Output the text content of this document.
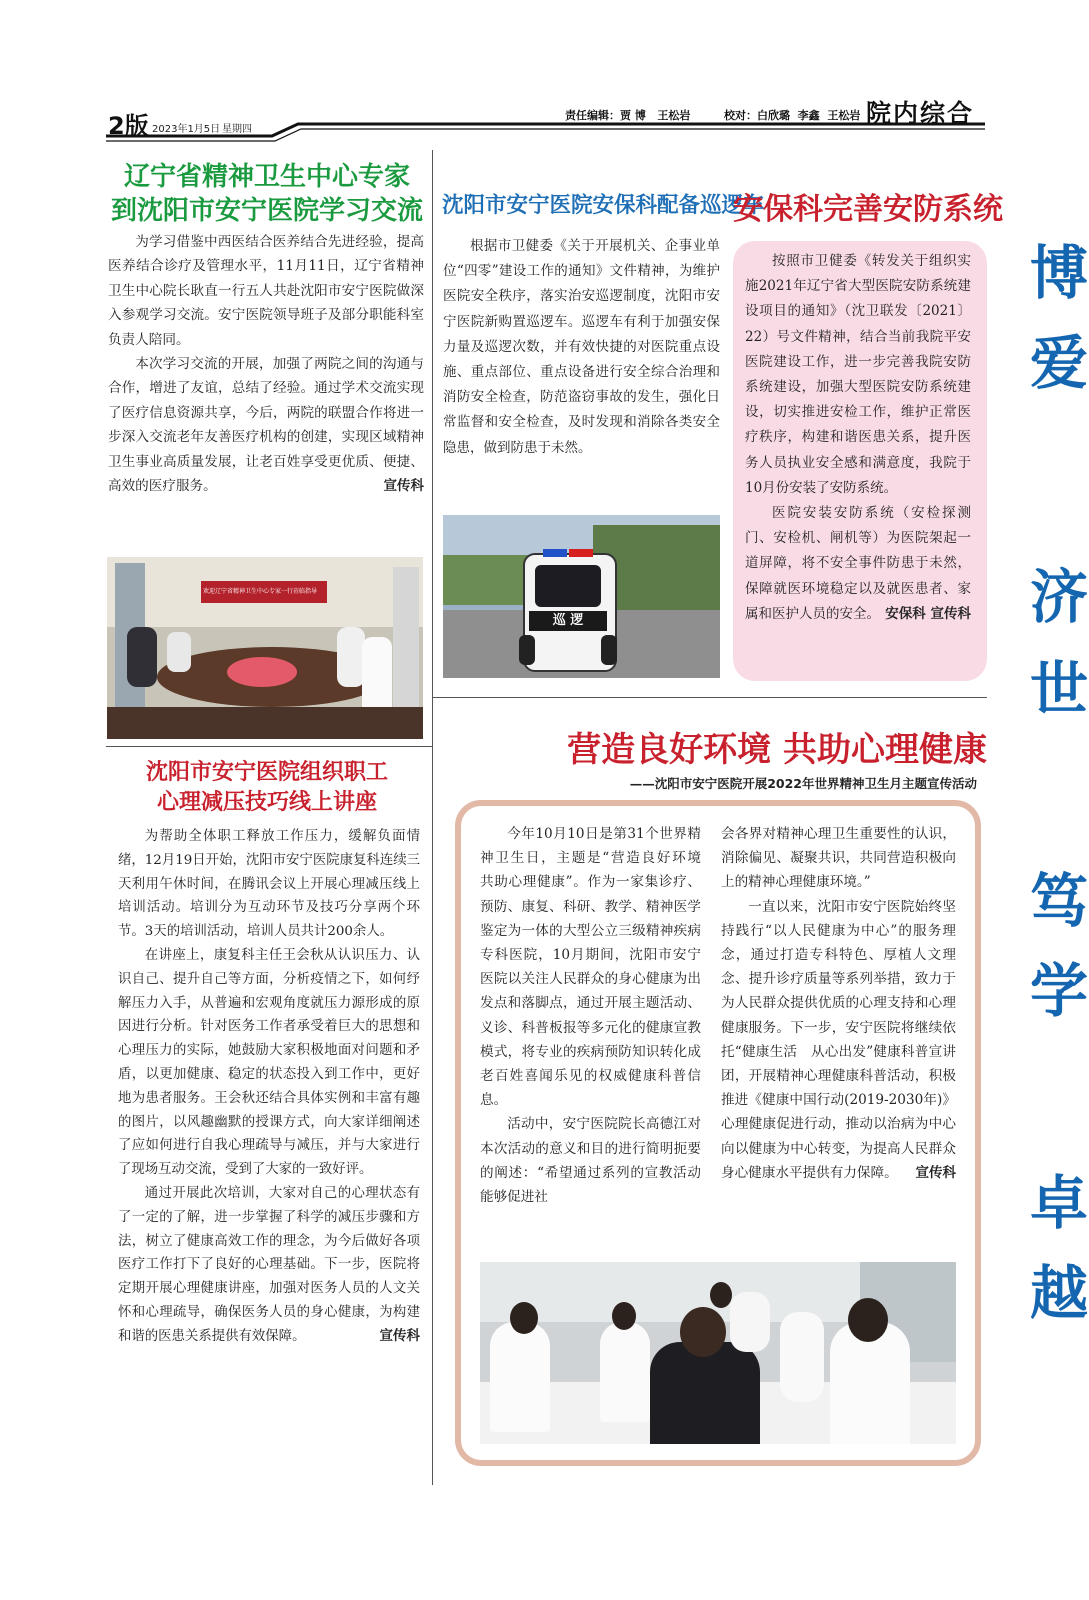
2版 2023年1月5日 星期四
责任编辑：贾 博   王松岩	校对：白欣璐  李鑫  王松岩 院内综合
辽宁省精神卫生中心专家
到沈阳市安宁医院学习交流

为学习借鉴中西医结合医养结合先进经验，提高医养结合诊疗及管理水平，11月11日，辽宁省精神卫生中心院长耿直一行五人共赴沈阳市安宁医院做深入参观学习交流。安宁医院领导班子及部分职能科室负责人陪同。

本次学习交流的开展，加强了两院之间的沟通与合作，增进了友谊，总结了经验。通过学术交流实现了医疗信息资源共享，今后，两院的联盟合作将进一步深入交流老年友善医疗机构的创建，实现区域精神卫生事业高质量发展，让老百姓享受更优质、便捷、高效的医疗服务。	宣传科
欢迎辽宁省精神卫生中心专家一行莅临指导
沈阳市安宁医院组织职工
心理减压技巧线上讲座

为帮助全体职工释放工作压力，缓解负面情绪，12月19日开始，沈阳市安宁医院康复科连续三天利用午休时间，在腾讯会议上开展心理减压线上培训活动。培训分为互动环节及技巧分享两个环节。3天的培训活动，培训人员共计200余人。

在讲座上，康复科主任王会秋从认识压力、认识自己、提升自己等方面，分析疫情之下，如何纾解压力入手，从普遍和宏观角度就压力源形成的原因进行分析。针对医务工作者承受着巨大的思想和心理压力的实际，她鼓励大家积极地面对问题和矛盾，以更加健康、稳定的状态投入到工作中，更好地为患者服务。王会秋还结合具体实例和丰富有趣的图片，以风趣幽默的授课方式，向大家详细阐述了应如何进行自我心理疏导与减压，并与大家进行了现场互动交流，受到了大家的一致好评。

通过开展此次培训，大家对自己的心理状态有了一定的了解，进一步掌握了科学的减压步骤和方法，树立了健康高效工作的理念，为今后做好各项医疗工作打下了良好的心理基础。下一步，医院将定期开展心理健康讲座，加强对医务人员的人文关怀和心理疏导，确保医务人员的身心健康，为构建和谐的医患关系提供有效保障。	宣传科
沈阳市安宁医院安保科配备巡逻车

根据市卫健委《关于开展机关、企事业单位“四零”建设工作的通知》文件精神，为维护医院安全秩序，落实治安巡逻制度，沈阳市安宁医院新购置巡逻车。巡逻车有利于加强安保力量及巡逻次数，并有效快捷的对医院重点设施、重点部位、重点设备进行安全综合治理和消防安全检查，防范盗窃事故的发生，强化日常监督和安全检查，及时发现和消除各类安全隐患，做到防患于未然。

巡 逻
安保科完善安防系统

按照市卫健委《转发关于组织实施2021年辽宁省大型医院安防系统建设项目的通知》（沈卫联发〔2021〕22）号文件精神，结合当前我院平安医院建设工作，进一步完善我院安防系统建设，加强大型医院安防系统建设，切实推进安检工作，维护正常医疗秩序，构建和谐医患关系，提升医务人员执业安全感和满意度，我院于10月份安装了安防系统。

医院安装安防系统（安检探测门、安检机、闸机等）为医院架起一道屏障，将不安全事件防患于未然，保障就医环境稳定以及就医患者、家属和医护人员的安全。 安保科 宣传科
营造良好环境 共助心理健康
——沈阳市安宁医院开展2022年世界精神卫生月主题宣传活动

今年10月10日是第31个世界精神卫生日，主题是“营造良好环境　共助心理健康”。作为一家集诊疗、预防、康复、科研、教学、精神医学鉴定为一体的大型公立三级精神疾病专科医院，10月期间，沈阳市安宁医院以关注人民群众的身心健康为出发点和落脚点，通过开展主题活动、义诊、科普板报等多元化的健康宣教模式，将专业的疾病预防知识转化成老百姓喜闻乐见的权威健康科普信息。

活动中，安宁医院院长高德江对本次活动的意义和目的进行简明扼要的阐述：“希望通过系列的宣教活动能够促进社

会各界对精神心理卫生重要性的认识，消除偏见、凝聚共识，共同营造积极向上的精神心理健康环境。”

一直以来，沈阳市安宁医院始终坚持践行“以人民健康为中心”的服务理念，通过打造专科特色、厚植人文理念、提升诊疗质量等系列举措，致力于为人民群众提供优质的心理支持和心理健康服务。下一步，安宁医院将继续依托“健康生活　从心出发”健康科普宣讲团，开展精神心理健康科普活动，积极推进《健康中国行动(2019-2030年)》心理健康促进行动，推动以治病为中心向以健康为中心转变，为提高人民群众身心健康水平提供有力保障。	宣传科
博
爱
济
世
笃
学
卓
越
